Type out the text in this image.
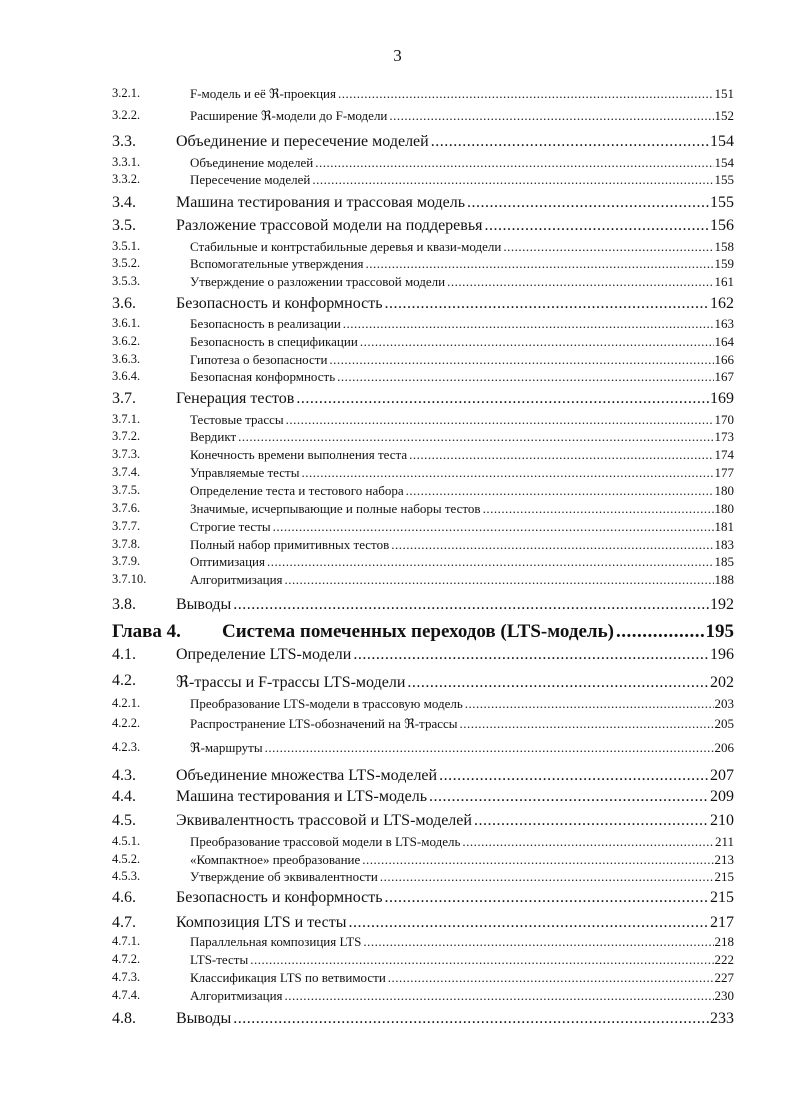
3
3.2.1.	F-модель и её ℜ-проекция .....	151
3.2.2.	Расширение ℜ-модели до F-модели .....	152
3.3.	Объединение и пересечение моделей .....	154
3.3.1.	Объединение моделей .....	154
3.3.2.	Пересечение моделей .....	155
3.4.	Машина тестирования и трассовая модель .....	155
3.5.	Разложение трассовой модели на поддеревья .....	156
3.5.1.	Стабильные и контрстабильные деревья и квази-модели .....	158
3.5.2.	Вспомогательные утверждения .....	159
3.5.3.	Утверждение о разложении трассовой модели .....	161
3.6.	Безопасность и конформность .....	162
3.6.1.	Безопасность в реализации .....	163
3.6.2.	Безопасность в спецификации .....	164
3.6.3.	Гипотеза о безопасности .....	166
3.6.4.	Безопасная конформность .....	167
3.7.	Генерация тестов .....	169
3.7.1.	Тестовые трассы .....	170
3.7.2.	Вердикт .....	173
3.7.3.	Конечность времени выполнения теста .....	174
3.7.4.	Управляемые тесты .....	177
3.7.5.	Определение теста и тестового набора .....	180
3.7.6.	Значимые, исчерпывающие и полные наборы тестов .....	180
3.7.7.	Строгие тесты .....	181
3.7.8.	Полный набор примитивных тестов .....	183
3.7.9.	Оптимизация .....	185
3.7.10.	Алгоритмизация .....	188
3.8.	Выводы .....	192
Глава 4. Система помеченных переходов (LTS-модель) .....	195
4.1.	Определение LTS-модели .....	196
4.2.	ℜ-трассы и F-трассы LTS-модели .....	202
4.2.1.	Преобразование LTS-модели в трассовую модель .....	203
4.2.2.	Распространение LTS-обозначений на ℜ-трассы .....	205
4.2.3.	ℜ-маршруты .....	206
4.3.	Объединение множества LTS-моделей .....	207
4.4.	Машина тестирования и LTS-модель .....	209
4.5.	Эквивалентность трассовой и LTS-моделей .....	210
4.5.1.	Преобразование трассовой модели в LTS-модель .....	211
4.5.2.	«Компактное» преобразование .....	213
4.5.3.	Утверждение об эквивалентности .....	215
4.6.	Безопасность и конформность .....	215
4.7.	Композиция LTS и тесты .....	217
4.7.1.	Параллельная композиция LTS .....	218
4.7.2.	LTS-тесты .....	222
4.7.3.	Классификация LTS по ветвимости .....	227
4.7.4.	Алгоритмизация .....	230
4.8.	Выводы .....	233
